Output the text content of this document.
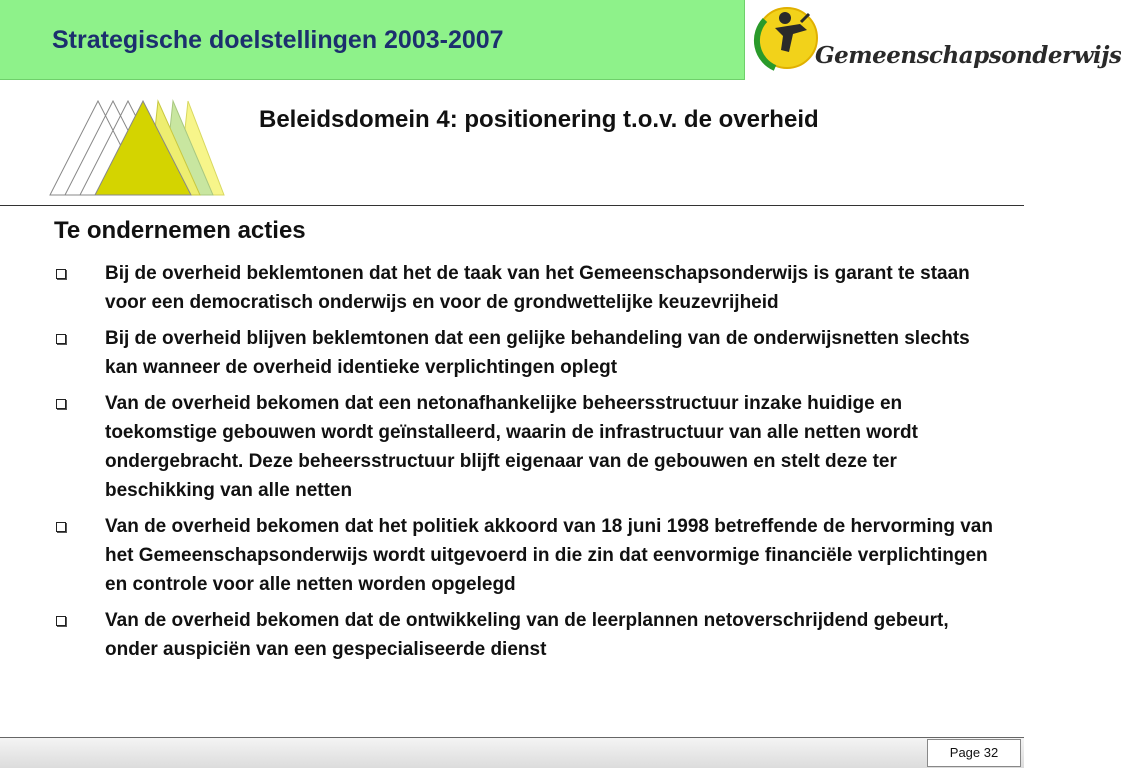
Strategische doelstellingen 2003-2007
Gemeenschapsonderwijs
Beleidsdomein 4: positionering t.o.v. de overheid
Te ondernemen acties
Bij de overheid beklemtonen dat het de taak van het Gemeenschapsonderwijs is garant te staan voor een democratisch onderwijs en voor de grondwettelijke keuzevrijheid
Bij de overheid blijven beklemtonen dat een gelijke behandeling van de onderwijsnetten slechts kan wanneer de overheid identieke verplichtingen oplegt
Van de overheid bekomen dat een netonafhankelijke beheersstructuur inzake huidige en toekomstige gebouwen wordt geïnstalleerd, waarin de infrastructuur van alle netten wordt ondergebracht. Deze beheersstructuur blijft eigenaar van de gebouwen en stelt deze ter beschikking van alle netten
Van de overheid bekomen dat het politiek akkoord van 18 juni 1998 betreffende de hervorming van het Gemeenschapsonderwijs wordt uitgevoerd in die zin dat eenvormige financiële verplichtingen en controle voor alle netten worden opgelegd
Van de overheid bekomen dat de ontwikkeling van de leerplannen netoverschrijdend gebeurt, onder auspiciën van een gespecialiseerde dienst
Page 32
